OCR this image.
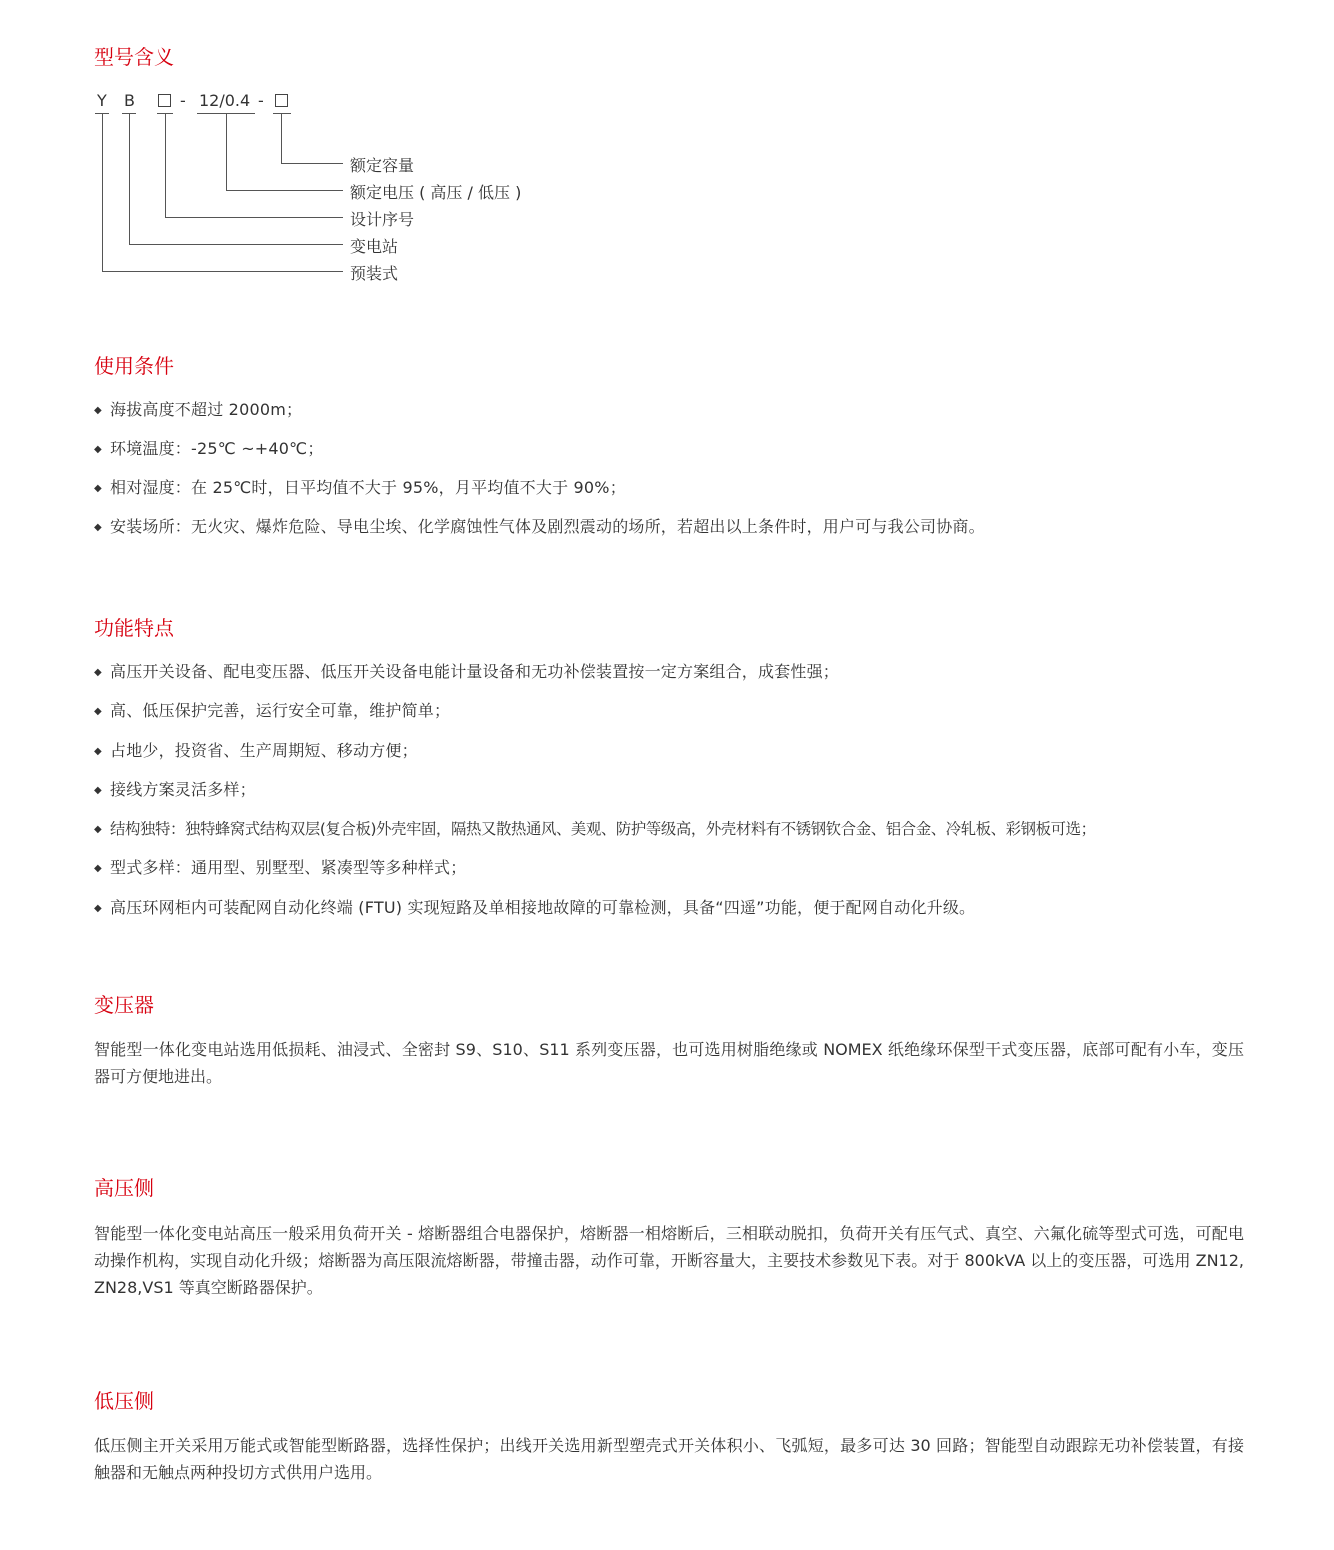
型号含义
Y B	- 12/0.4 -
额定容量
额定电压 ( 高压 / 低压 )
设计序号
变电站
预装式
使用条件
◆ 海拔高度不超过 2000m；
◆ 环境温度：-25℃ ~+40℃；
◆ 相对湿度：在 25℃时，日平均值不大于 95%，月平均值不大于 90%；
◆ 安装场所：无火灾、爆炸危险、导电尘埃、化学腐蚀性气体及剧烈震动的场所，若超出以上条件时，用户可与我公司协商。
功能特点
◆ 高压开关设备、配电变压器、低压开关设备电能计量设备和无功补偿装置按一定方案组合，成套性强；
◆ 高、低压保护完善，运行安全可靠，维护简单；
◆ 占地少，投资省、生产周期短、移动方便；
◆ 接线方案灵活多样；
◆ 结构独特：独特蜂窝式结构双层(复合板)外壳牢固，隔热又散热通风、美观、防护等级高，外壳材料有不锈钢钦合金、铝合金、冷轧板、彩钢板可选；
◆ 型式多样：通用型、别墅型、紧凑型等多种样式；
◆ 高压环网柜内可装配网自动化终端 (FTU) 实现短路及单相接地故障的可靠检测，具备“四遥”功能，便于配网自动化升级。
变压器

智能型一体化变电站选用低损耗、油浸式、全密封 S9、S10、S11 系列变压器，也可选用树脂绝缘或 NOMEX 纸绝缘环保型干式变压器，底部可配有小车，变压器可方便地进出。

高压侧

智能型一体化变电站高压一般采用负荷开关 - 熔断器组合电器保护，熔断器一相熔断后，三相联动脱扣，负荷开关有压气式、真空、六氟化硫等型式可选，可配电动操作机构，实现自动化升级；熔断器为高压限流熔断器，带撞击器，动作可靠，开断容量大，主要技术参数见下表。对于 800kVA 以上的变压器，可选用 ZN12, ZN28,VS1 等真空断路器保护。

低压侧

低压侧主开关采用万能式或智能型断路器，选择性保护；出线开关选用新型塑壳式开关体积小、飞弧短，最多可达 30 回路；智能型自动跟踪无功补偿装置，有接触器和无触点两种投切方式供用户选用。
